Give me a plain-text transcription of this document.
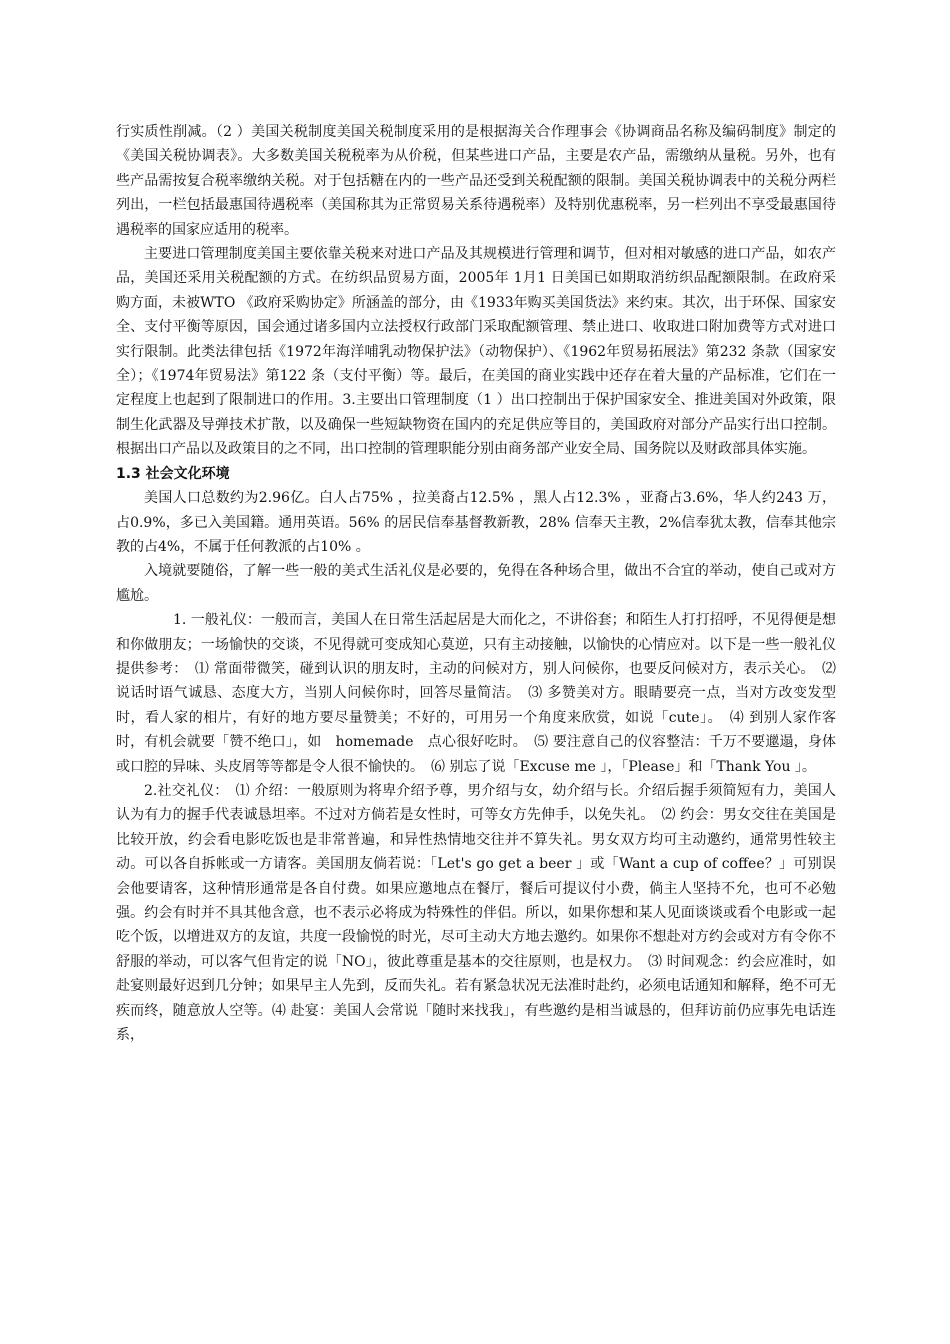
行实质性削减。（2 ）美国关税制度美国关税制度采用的是根据海关合作理事会《协调商品名称及编码制度》制定的《美国关税协调表》。大多数美国关税税率为从价税，但某些进口产品，主要是农产品，需缴纳从量税。另外，也有些产品需按复合税率缴纳关税。对于包括糖在内的一些产品还受到关税配额的限制。美国关税协调表中的关税分两栏列出，一栏包括最惠国待遇税率（美国称其为正常贸易关系待遇税率）及特别优惠税率，另一栏列出不享受最惠国待遇税率的国家应适用的税率。

主要进口管理制度美国主要依靠关税来对进口产品及其规模进行管理和调节，但对相对敏感的进口产品，如农产品，美国还采用关税配额的方式。在纺织品贸易方面，2005年 1月1 日美国已如期取消纺织品配额限制。在政府采购方面，未被WTO 《政府采购协定》所涵盖的部分，由《1933年购买美国货法》来约束。其次，出于环保、国家安全、支付平衡等原因，国会通过诸多国内立法授权行政部门采取配额管理、禁止进口、收取进口附加费等方式对进口实行限制。此类法律包括《1972年海洋哺乳动物保护法》（动物保护）、《1962年贸易拓展法》第232 条款（国家安全）；《1974年贸易法》第122 条（支付平衡）等。最后，在美国的商业实践中还存在着大量的产品标准，它们在一定程度上也起到了限制进口的作用。3.主要出口管理制度（1 ）出口控制出于保护国家安全、推进美国对外政策，限制生化武器及导弹技术扩散，以及确保一些短缺物资在国内的充足供应等目的，美国政府对部分产品实行出口控制。根据出口产品以及政策目的之不同，出口控制的管理职能分别由商务部产业安全局、国务院以及财政部具体实施。

1.3 社会文化环境

美国人口总数约为2.96亿。白人占75% ，拉美裔占12.5% ，黑人占12.3% ，亚裔占3.6%，华人约243 万，占0.9%，多已入美国籍。通用英语。56% 的居民信奉基督教新教，28% 信奉天主教，2%信奉犹太教，信奉其他宗教的占4%，不属于任何教派的占10% 。

入境就要随俗，了解一些一般的美式生活礼仪是必要的，免得在各种场合里，做出不合宜的举动，使自己或对方尴尬。

1. 一般礼仪：一般而言，美国人在日常生活起居是大而化之，不讲俗套；和陌生人打打招呼，不见得便是想和你做朋友；一场愉快的交谈，不见得就可变成知心莫逆，只有主动接触，以愉快的心情应对。以下是一些一般礼仪提供参考：　⑴ 常面带微笑，碰到认识的朋友时，主动的问候对方，别人问候你，也要反问候对方，表示关心。　⑵ 说话时语气诚恳、态度大方，当别人问候你时，回答尽量简洁。　⑶ 多赞美对方。眼睛要亮一点，当对方改变发型时，看人家的相片，有好的地方要尽量赞美；不好的，可用另一个角度来欣赏，如说「cute」。　⑷ 到别人家作客时，有机会就要「赞不绝口」，如　homemade　点心很好吃时。　⑸ 要注意自己的仪容整洁：千万不要邋遢，身体或口腔的异味、头皮屑等等都是令人很不愉快的。　⑹ 别忘了说「Excuse me 」，「Please」和「Thank You 」。

2.社交礼仪：　⑴ 介绍：一般原则为将卑介绍予尊，男介绍与女，幼介绍与长。介绍后握手须简短有力，美国人认为有力的握手代表诚恳坦率。不过对方倘若是女性时，可等女方先伸手，以免失礼。　⑵ 约会：男女交往在美国是比较开放，约会看电影吃饭也是非常普遍，和异性热情地交往并不算失礼。男女双方均可主动邀约，通常男性较主动。可以各自拆帐或一方请客。美国朋友倘若说：「Let's go get a beer 」或「Want a cup of coffee？」可别误会他要请客，这种情形通常是各自付费。如果应邀地点在餐厅，餐后可提议付小费，倘主人坚持不允，也可不必勉强。约会有时并不具其他含意，也不表示必将成为特殊性的伴侣。所以，如果你想和某人见面谈谈或看个电影或一起吃个饭，以增进双方的友谊，共度一段愉悦的时光，尽可主动大方地去邀约。如果你不想赴对方约会或对方有令你不舒服的举动，可以客气但肯定的说「NO」，彼此尊重是基本的交往原则，也是权力。　⑶ 时间观念：约会应准时，如赴宴则最好迟到几分钟；如果早主人先到，反而失礼。若有紧急状况无法准时赴约，必须电话通知和解释，绝不可无疾而终，随意放人空等。⑷ 赴宴：美国人会常说「随时来找我」，有些邀约是相当诚恳的，但拜访前仍应事先电话连系，
